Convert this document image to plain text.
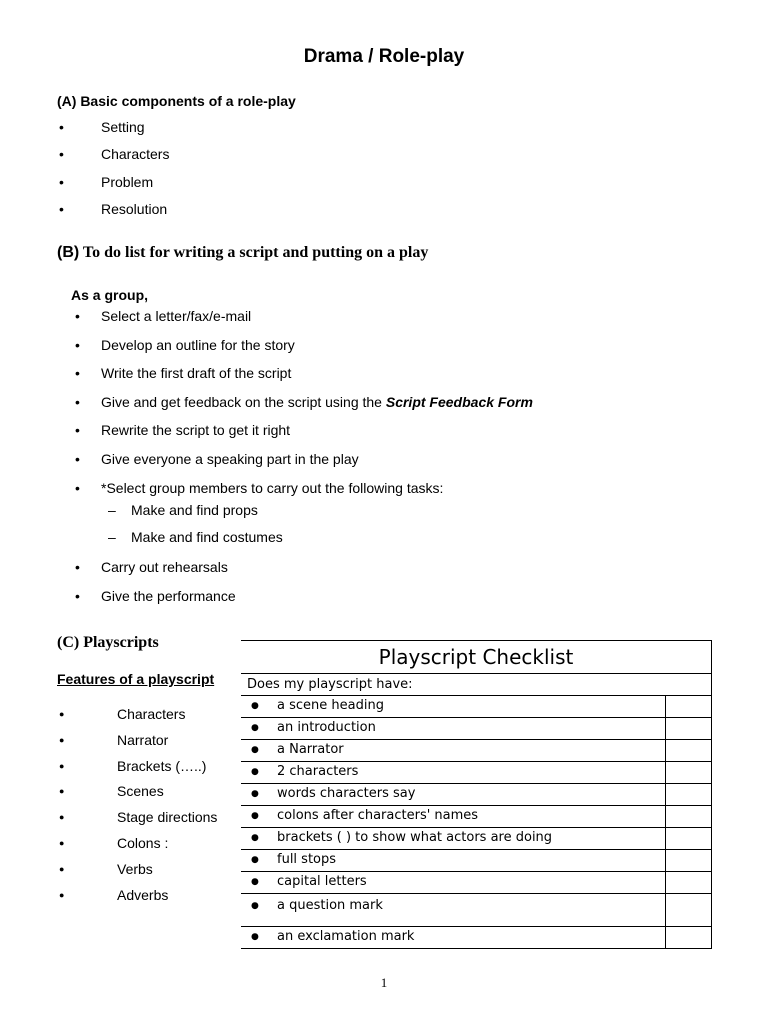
Drama / Role-play
(A) Basic components of a role-play
•	Setting
•	Characters
•	Problem
•	Resolution
(B) To do list for writing a script and putting on a play
As a group,
• Select a letter/fax/e-mail
• Develop an outline for the story
• Write the first draft of the script
• Give and get feedback on the script using the Script Feedback Form
• Rewrite the script to get it right
• Give everyone a speaking part in the play
• *Select group members to carry out the following tasks:
– Make and find props
– Make and find costumes
• Carry out rehearsals
• Give the performance
(C) Playscripts
Features of a playscript
●	Characters
●	Narrator
●	Brackets (…..)
●	Scenes
●	Stage directions
●	Colons :
●	Verbs
●	Adverbs
Playscript Checklist	
Does my playscript have:	
● a scene heading	
● an introduction	
● a Narrator	
● 2 characters	
● words characters say	
● colons after characters' names	
● brackets ( ) to show what actors are doing	
● full stops	
● capital letters	
● a question mark	
● an exclamation mark	
1
